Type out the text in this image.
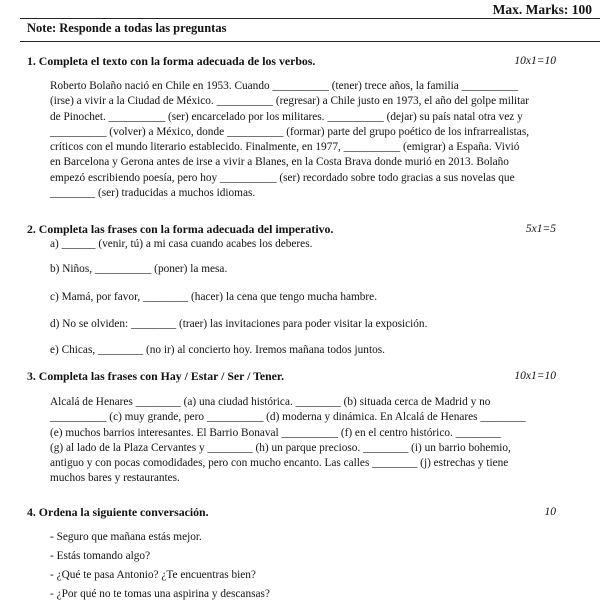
Max. Marks: 100
Note: Responde a todas las preguntas
1. Completa el texto con la forma adecuada de los verbos.	10x1=10
Roberto Bolaño nació en Chile en 1953. Cuando __________ (tener) trece años, la familia __________
(irse) a vivir a la Ciudad de México. __________ (regresar) a Chile justo en 1973, el año del golpe militar
de Pinochet. __________ (ser) encarcelado por los militares. __________ (dejar) su país natal otra vez y
__________ (volver) a México, donde __________ (formar) parte del grupo poético de los infrarrealistas,
críticos con el mundo literario establecido. Finalmente, en 1977, __________ (emigrar) a España. Vivió
en Barcelona y Gerona antes de irse a vivir a Blanes, en la Costa Brava donde murió en 2013. Bolaño
empezó escribiendo poesía, pero hoy __________ (ser) recordado sobre todo gracias a sus novelas que
________ (ser) traducidas a muchos idiomas.
2. Completa las frases con la forma adecuada del imperativo.	5x1=5
a) ______ (venir, tú) a mi casa cuando acabes los deberes.
b) Niños, __________ (poner) la mesa.
c) Mamá, por favor, ________ (hacer) la cena que tengo mucha hambre.
d) No se olviden: ________ (traer) las invitaciones para poder visitar la exposición.
e) Chicas, ________ (no ir) al concierto hoy. Iremos mañana todos juntos.
3. Completa las frases con Hay / Estar / Ser / Tener.	10x1=10
Alcalá de Henares ________ (a) una ciudad histórica. ________ (b) situada cerca de Madrid y no
__________ (c) muy grande, pero __________ (d) moderna y dinámica. En Alcalá de Henares ________
(e) muchos barrios interesantes. El Barrio Bonaval __________ (f) en el centro histórico. ________
(g) al lado de la Plaza Cervantes y ________ (h) un parque precioso. ________ (i) un barrio bohemio,
antiguo y con pocas comodidades, pero con mucho encanto. Las calles ________ (j) estrechas y tiene
muchos bares y restaurantes.
4. Ordena la siguiente conversación.	10
- Seguro que mañana estás mejor.
- Estás tomando algo?
- ¿Qué te pasa Antonio? ¿Te encuentras bien?
- ¿Por qué no te tomas una aspirina y descansas?
